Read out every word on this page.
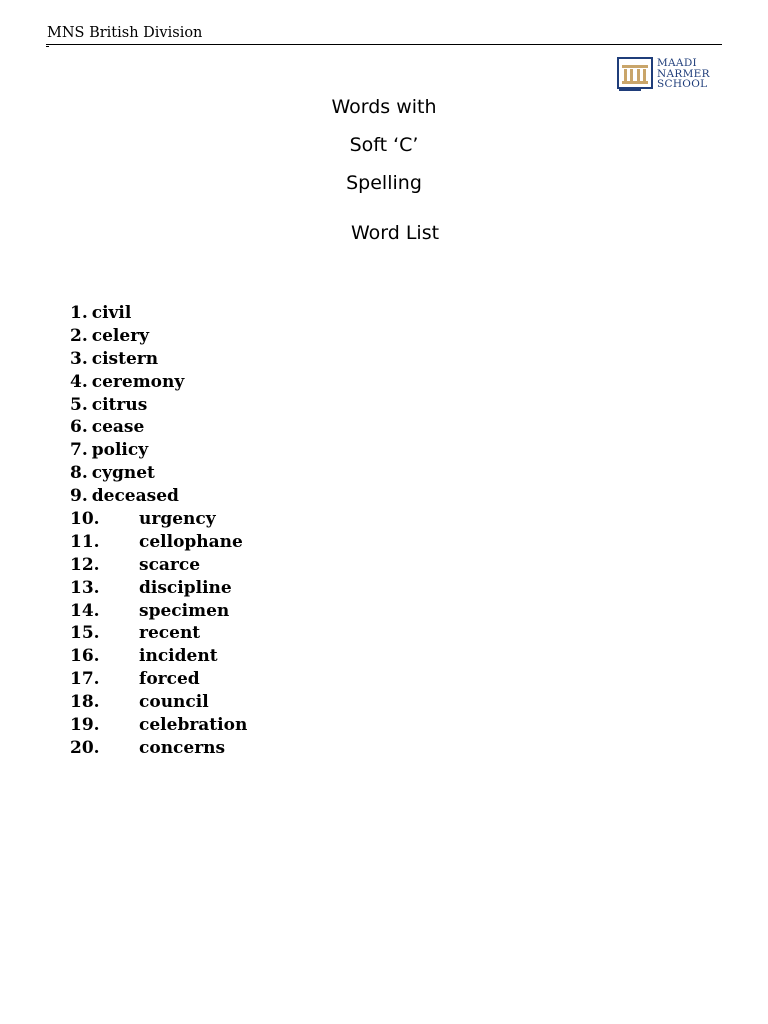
MNS British Division
MAADI
NARMER
SCHOOL
Words with
Soft ‘C’
Spelling
Word List
1. civil
2. celery
3. cistern
4. ceremony
5. citrus
6. cease
7. policy
8. cygnet
9. deceased
10. urgency
11. cellophane
12. scarce
13. discipline
14. specimen
15. recent
16. incident
17. forced
18. council
19. celebration
20. concerns
